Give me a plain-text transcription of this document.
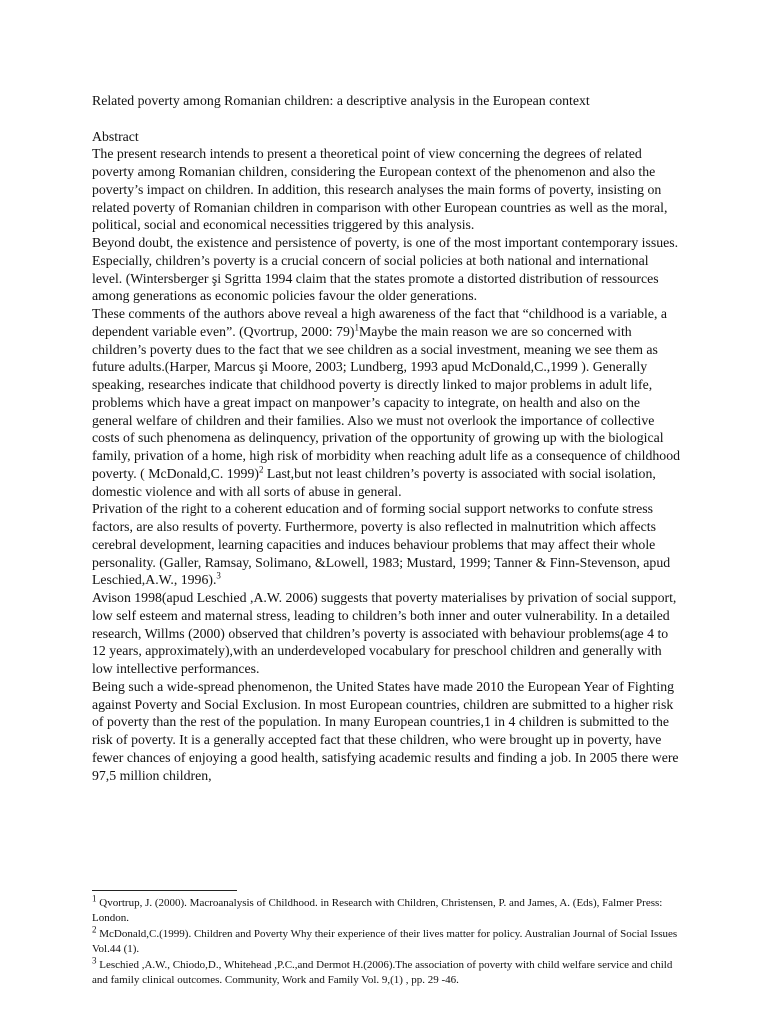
Related poverty among Romanian children: a descriptive analysis in the European context

Abstract

The present research intends to present a theoretical point of view concerning the degrees of related poverty among Romanian children, considering the European context of the phenomenon and also the poverty’s impact on children. In addition, this research analyses the main forms of poverty, insisting on related poverty of Romanian children in comparison with other European countries as well as the moral, political, social and economical necessities triggered by this analysis.

Beyond doubt, the existence and persistence of poverty, is one of the most important contemporary issues. Especially, children’s poverty is a crucial concern of social policies at both national and international level. (Wintersberger şi Sgritta 1994 claim that the states promote a distorted distribution of ressources among generations as economic policies favour the older generations.

These comments of the authors above reveal a high awareness of the fact that “childhood is a variable, a dependent variable even”. (Qvortrup, 2000: 79)$^1$Maybe the main reason we are so concerned with children’s poverty dues to the fact that we see children as a social investment, meaning we see them as future adults.(Harper, Marcus şi Moore, 2003; Lundberg, 1993 apud McDonald,C.,1999 ). Generally speaking, researches indicate that childhood poverty is directly linked to major problems in adult life, problems which have a great impact on manpower’s capacity to integrate, on health and also on the general welfare of children and their families. Also we must not overlook the importance of collective costs of such phenomena as delinquency, privation of the opportunity of growing up with the biological family, privation of a home, high risk of morbidity when reaching adult life as a consequence of childhood poverty. ( McDonald,C. 1999)$^2$ Last,but not least children’s poverty is associated with social isolation, domestic violence and with all sorts of abuse in general.

Privation of the right to a coherent education and of forming social support networks to confute stress factors, are also results of poverty. Furthermore, poverty is also reflected in malnutrition which affects cerebral development, learning capacities and induces behaviour problems that may affect their whole personality. (Galler, Ramsay, Solimano, &Lowell, 1983; Mustard, 1999; Tanner & Finn-Stevenson, apud Leschied,A.W., 1996).$^3$

Avison 1998(apud Leschied ,A.W. 2006) suggests that poverty materialises by privation of social support, low self esteem and maternal stress, leading to children’s both inner and outer vulnerability. In a detailed research, Willms (2000) observed that children’s poverty is associated with behaviour problems(age 4 to 12 years, approximately),with an underdeveloped vocabulary for preschool children and generally with low intellective performances.

Being such a wide-spread phenomenon, the United States have made 2010 the European Year of Fighting against Poverty and Social Exclusion. In most European countries, children are submitted to a higher risk of poverty than the rest of the population. In many European countries,1 in 4 children is submitted to the risk of poverty. It is a generally accepted fact that these children, who were brought up in poverty, have fewer chances of enjoying a good health, satisfying academic results and finding a job. In 2005 there were 97,5 million children,

$^1$ Qvortrup, J. (2000). Macroanalysis of Childhood. in Research with Children, Christensen, P. and James, A. (Eds), Falmer Press: London.

$^2$ McDonald,C.(1999). Children and Poverty Why their experience of their lives matter for policy. Australian Journal of Social Issues Vol.44 (1).

$^3$ Leschied ,A.W., Chiodo,D., Whitehead ,P.C.,and Dermot H.(2006).The association of poverty with child welfare service and child and family clinical outcomes. Community, Work and Family Vol. 9,(1) , pp. 29 -46.
